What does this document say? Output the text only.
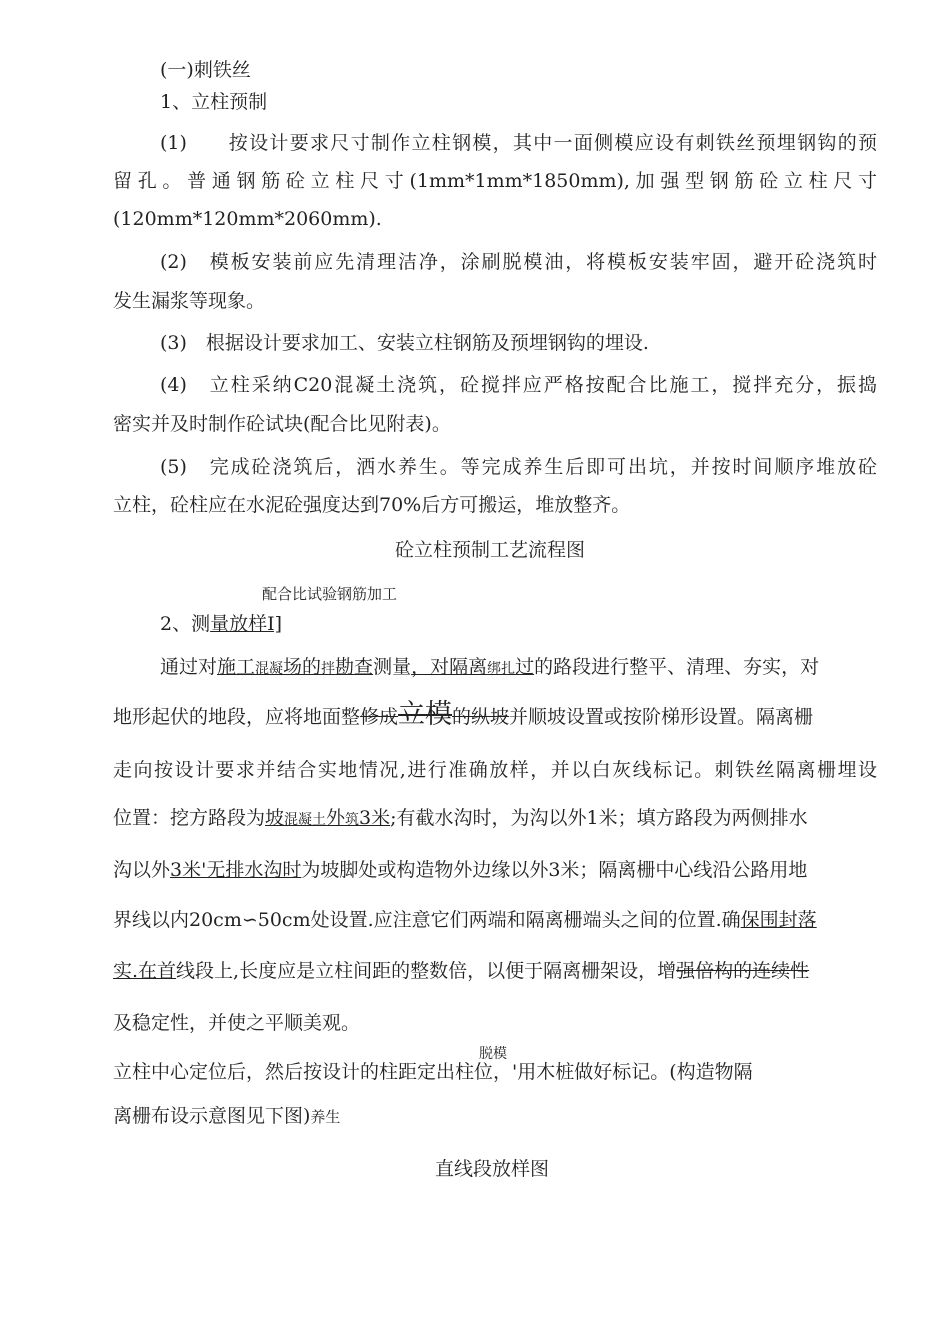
(一)刺铁丝
1、立柱预制
(1)　　按设计要求尺寸制作立柱钢模，其中一面侧模应设有刺铁丝预埋钢钩的预
留孔。普通钢筋砼立柱尺寸(1mm*1mm*1850mm),加强型钢筋砼立柱尺寸
(120mm*120mm*2060mm).
(2)　模板安装前应先清理洁净，涂刷脱模油，将模板安装牢固，避开砼浇筑时
发生漏浆等现象。
(3)　根据设计要求加工、安装立柱钢筋及预埋钢钩的埋设.
(4)　立柱采纳C20混凝土浇筑，砼搅拌应严格按配合比施工，搅拌充分，振捣
密实并及时制作砼试块(配合比见附表)。
(5)　完成砼浇筑后，洒水养生。等完成养生后即可出坑，并按时间顺序堆放砼
立柱，砼柱应在水泥砼强度达到70%后方可搬运，堆放整齐。
砼立柱预制工艺流程图
配合比试验钢筋加工
2、测量放样Ⅰ]
通过对施工混凝场的拌勘查测量，对隔离绑扎过的路段进行整平、清理、夯实，对
地形起伏的地段，应将地面整修成立模的纵坡并顺坡设置或按阶梯形设置。隔离栅
走向按设计要求并结合实地情况,进行准确放样，并以白灰线标记。刺铁丝隔离栅埋设
位置：挖方路段为坡混凝土外筑3米;有截水沟时，为沟以外1米；填方路段为两侧排水
沟以外3米'无排水沟时为坡脚处或构造物外边缘以外3米；隔离栅中心线沿公路用地
界线以内20cm∽50cm处设置.应注意它们两端和隔离栅端头之间的位置.确保围封落
实.在首线段上,长度应是立柱间距的整数倍，以便于隔离栅架设，增强倍构的连续性
及稳定性，并使之平顺美观。
脱模
立柱中心定位后，然后按设计的柱距定出柱位，'用木桩做好标记。(构造物隔
离栅布设示意图见下图)养生
直线段放样图
